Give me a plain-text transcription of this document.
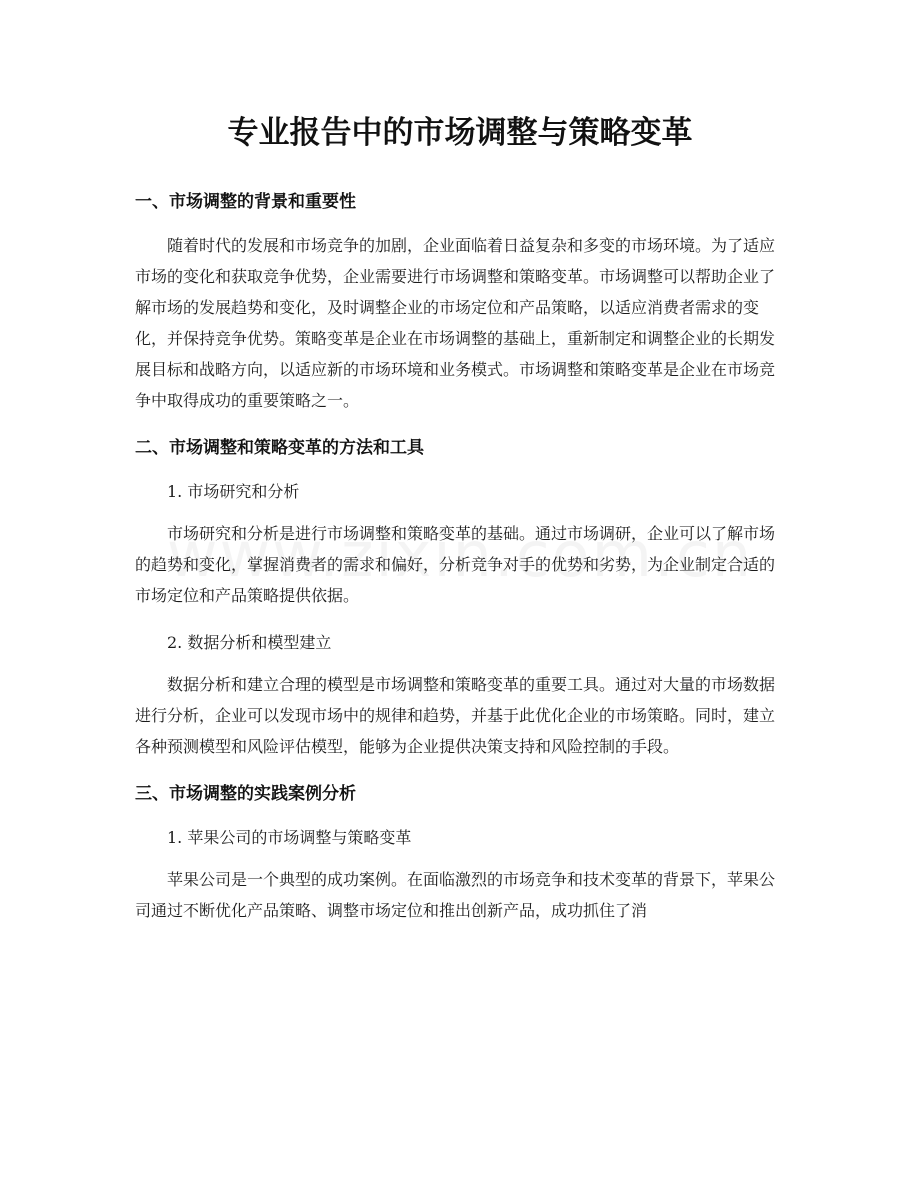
专业报告中的市场调整与策略变革
一、市场调整的背景和重要性

随着时代的发展和市场竞争的加剧，企业面临着日益复杂和多变的市场环境。为了适应市场的变化和获取竞争优势，企业需要进行市场调整和策略变革。市场调整可以帮助企业了解市场的发展趋势和变化，及时调整企业的市场定位和产品策略，以适应消费者需求的变化，并保持竞争优势。策略变革是企业在市场调整的基础上，重新制定和调整企业的长期发展目标和战略方向，以适应新的市场环境和业务模式。市场调整和策略变革是企业在市场竞争中取得成功的重要策略之一。

二、市场调整和策略变革的方法和工具

1. 市场研究和分析

市场研究和分析是进行市场调整和策略变革的基础。通过市场调研，企业可以了解市场的趋势和变化，掌握消费者的需求和偏好，分析竞争对手的优势和劣势，为企业制定合适的市场定位和产品策略提供依据。

2. 数据分析和模型建立

数据分析和建立合理的模型是市场调整和策略变革的重要工具。通过对大量的市场数据进行分析，企业可以发现市场中的规律和趋势，并基于此优化企业的市场策略。同时，建立各种预测模型和风险评估模型，能够为企业提供决策支持和风险控制的手段。

三、市场调整的实践案例分析

1. 苹果公司的市场调整与策略变革

苹果公司是一个典型的成功案例。在面临激烈的市场竞争和技术变革的背景下，苹果公司通过不断优化产品策略、调整市场定位和推出创新产品，成功抓住了消
